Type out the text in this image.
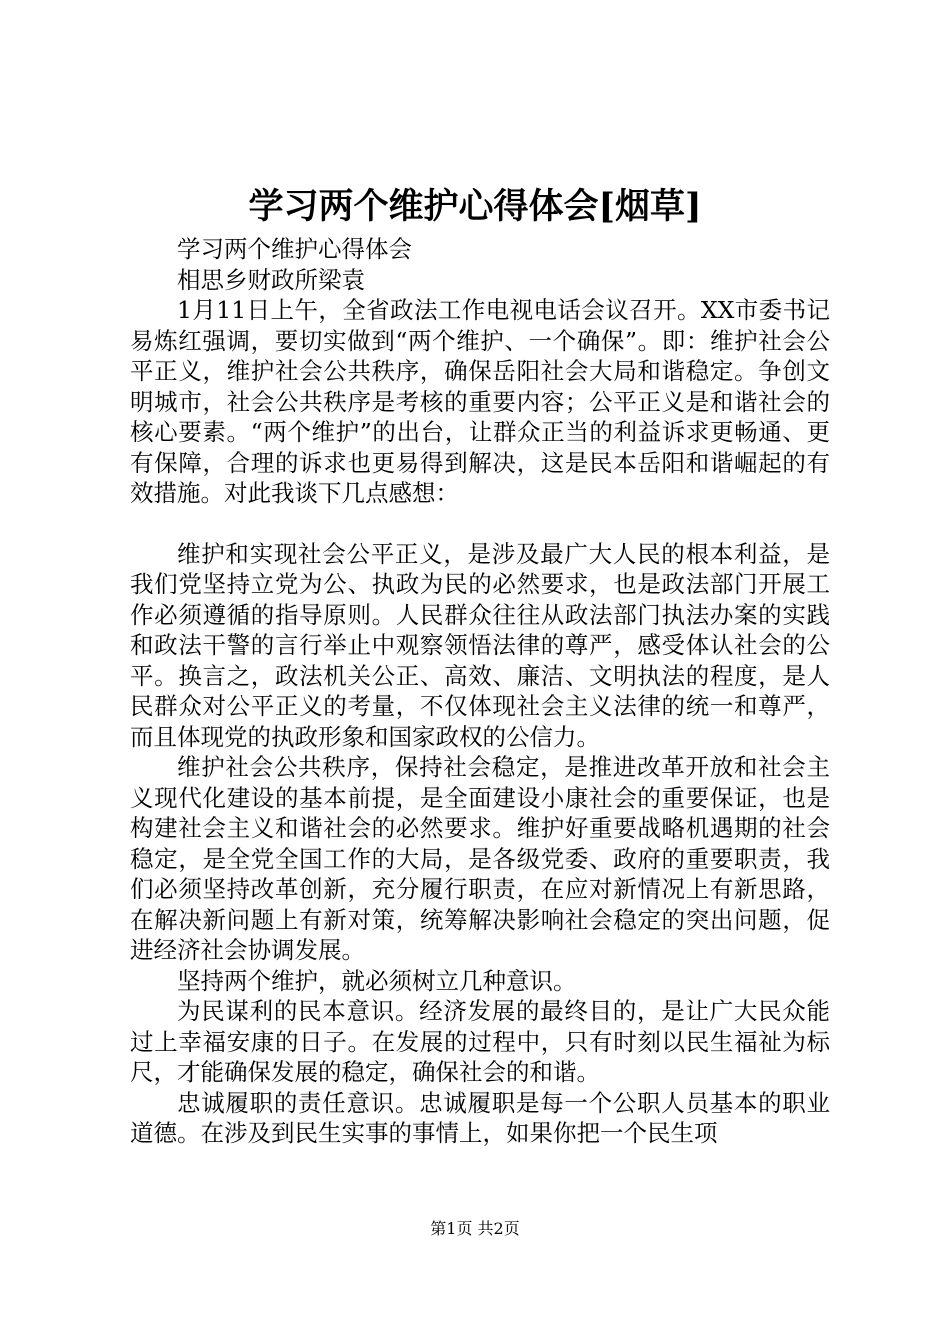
学习两个维护心得体会[烟草]

学习两个维护心得体会

相思乡财政所梁袁

1月11日上午，全省政法工作电视电话会议召开。XX市委书记易炼红强调，要切实做到“两个维护、一个确保”。即：维护社会公平正义，维护社会公共秩序，确保岳阳社会大局和谐稳定。争创文明城市，社会公共秩序是考核的重要内容；公平正义是和谐社会的核心要素。“两个维护”的出台，让群众正当的利益诉求更畅通、更有保障，合理的诉求也更易得到解决，这是民本岳阳和谐崛起的有效措施。对此我谈下几点感想：

维护和实现社会公平正义，是涉及最广大人民的根本利益，是我们党坚持立党为公、执政为民的必然要求，也是政法部门开展工作必须遵循的指导原则。人民群众往往从政法部门执法办案的实践和政法干警的言行举止中观察领悟法律的尊严，感受体认社会的公平。换言之，政法机关公正、高效、廉洁、文明执法的程度，是人民群众对公平正义的考量，不仅体现社会主义法律的统一和尊严，而且体现党的执政形象和国家政权的公信力。

维护社会公共秩序，保持社会稳定，是推进改革开放和社会主义现代化建设的基本前提，是全面建设小康社会的重要保证，也是构建社会主义和谐社会的必然要求。维护好重要战略机遇期的社会稳定，是全党全国工作的大局，是各级党委、政府的重要职责，我们必须坚持改革创新，充分履行职责，在应对新情况上有新思路，在解决新问题上有新对策，统筹解决影响社会稳定的突出问题，促进经济社会协调发展。

坚持两个维护，就必须树立几种意识。

为民谋利的民本意识。经济发展的最终目的，是让广大民众能过上幸福安康的日子。在发展的过程中，只有时刻以民生福祉为标尺，才能确保发展的稳定，确保社会的和谐。

忠诚履职的责任意识。忠诚履职是每一个公职人员基本的职业道德。在涉及到民生实事的事情上，如果你把一个民生项

第1页 共2页
